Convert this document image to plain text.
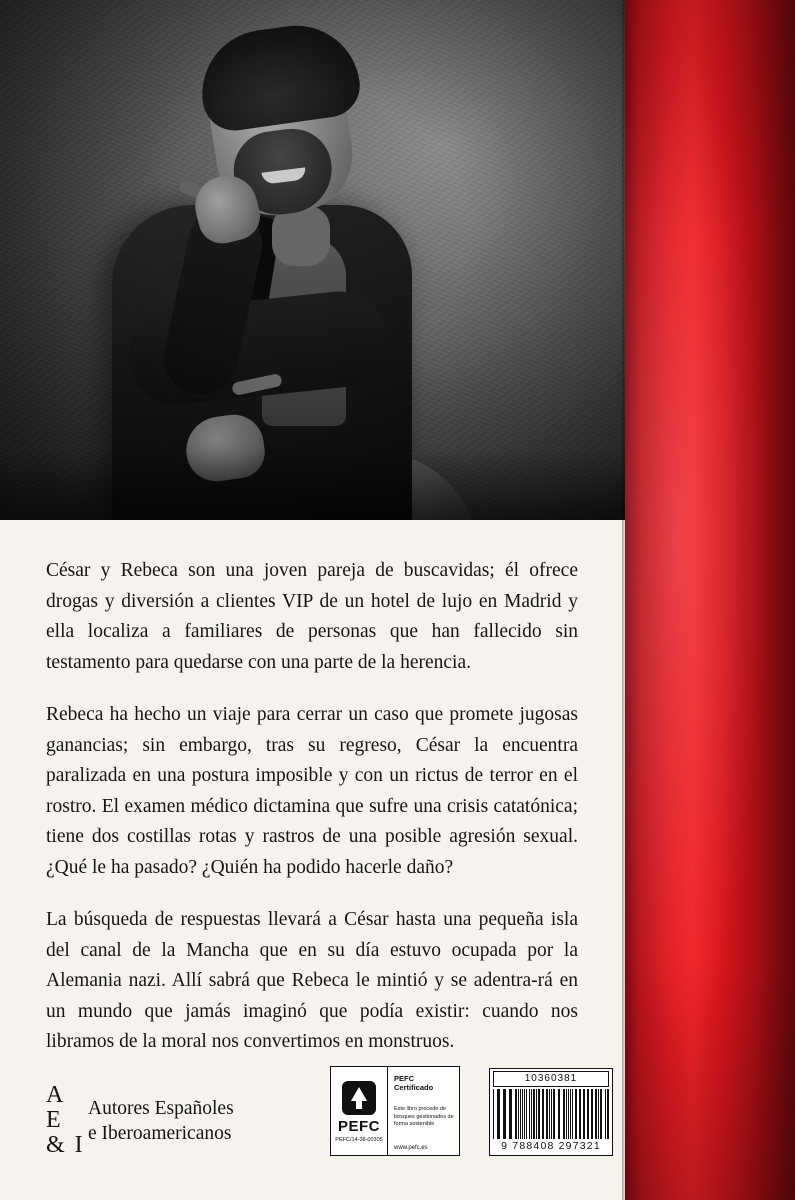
César y Rebeca son una joven pareja de buscavidas; él ofrece drogas y diversión a clientes VIP de un hotel de lujo en Madrid y ella localiza a familiares de personas que han fallecido sin testamento para quedarse con una parte de la herencia.

Rebeca ha hecho un viaje para cerrar un caso que promete jugosas ganancias; sin embargo, tras su regreso, César la encuentra paralizada en una postura imposible y con un rictus de terror en el rostro. El examen médico dictamina que sufre una crisis catatónica; tiene dos costillas rotas y rastros de una posible agresión sexual. ¿Qué le ha pasado? ¿Quién ha podido hacerle daño?

La búsqueda de respuestas llevará a César hasta una pequeña isla del canal de la Mancha que en su día estuvo ocupada por la Alemania nazi. Allí sabrá que Rebeca le mintió y se adentra-rá en un mundo que jamás imaginó que podía existir: cuando nos libramos de la moral nos convertimos en monstruos.

A E
& I
Autores Españoles
e Iberoamericanos	PEFC
PEFC/14-38-00305
PEFC Certificado
Este libro procede de bosques gestionados de forma sostenible
www.pefc.es
10360381
9 788408 297321
